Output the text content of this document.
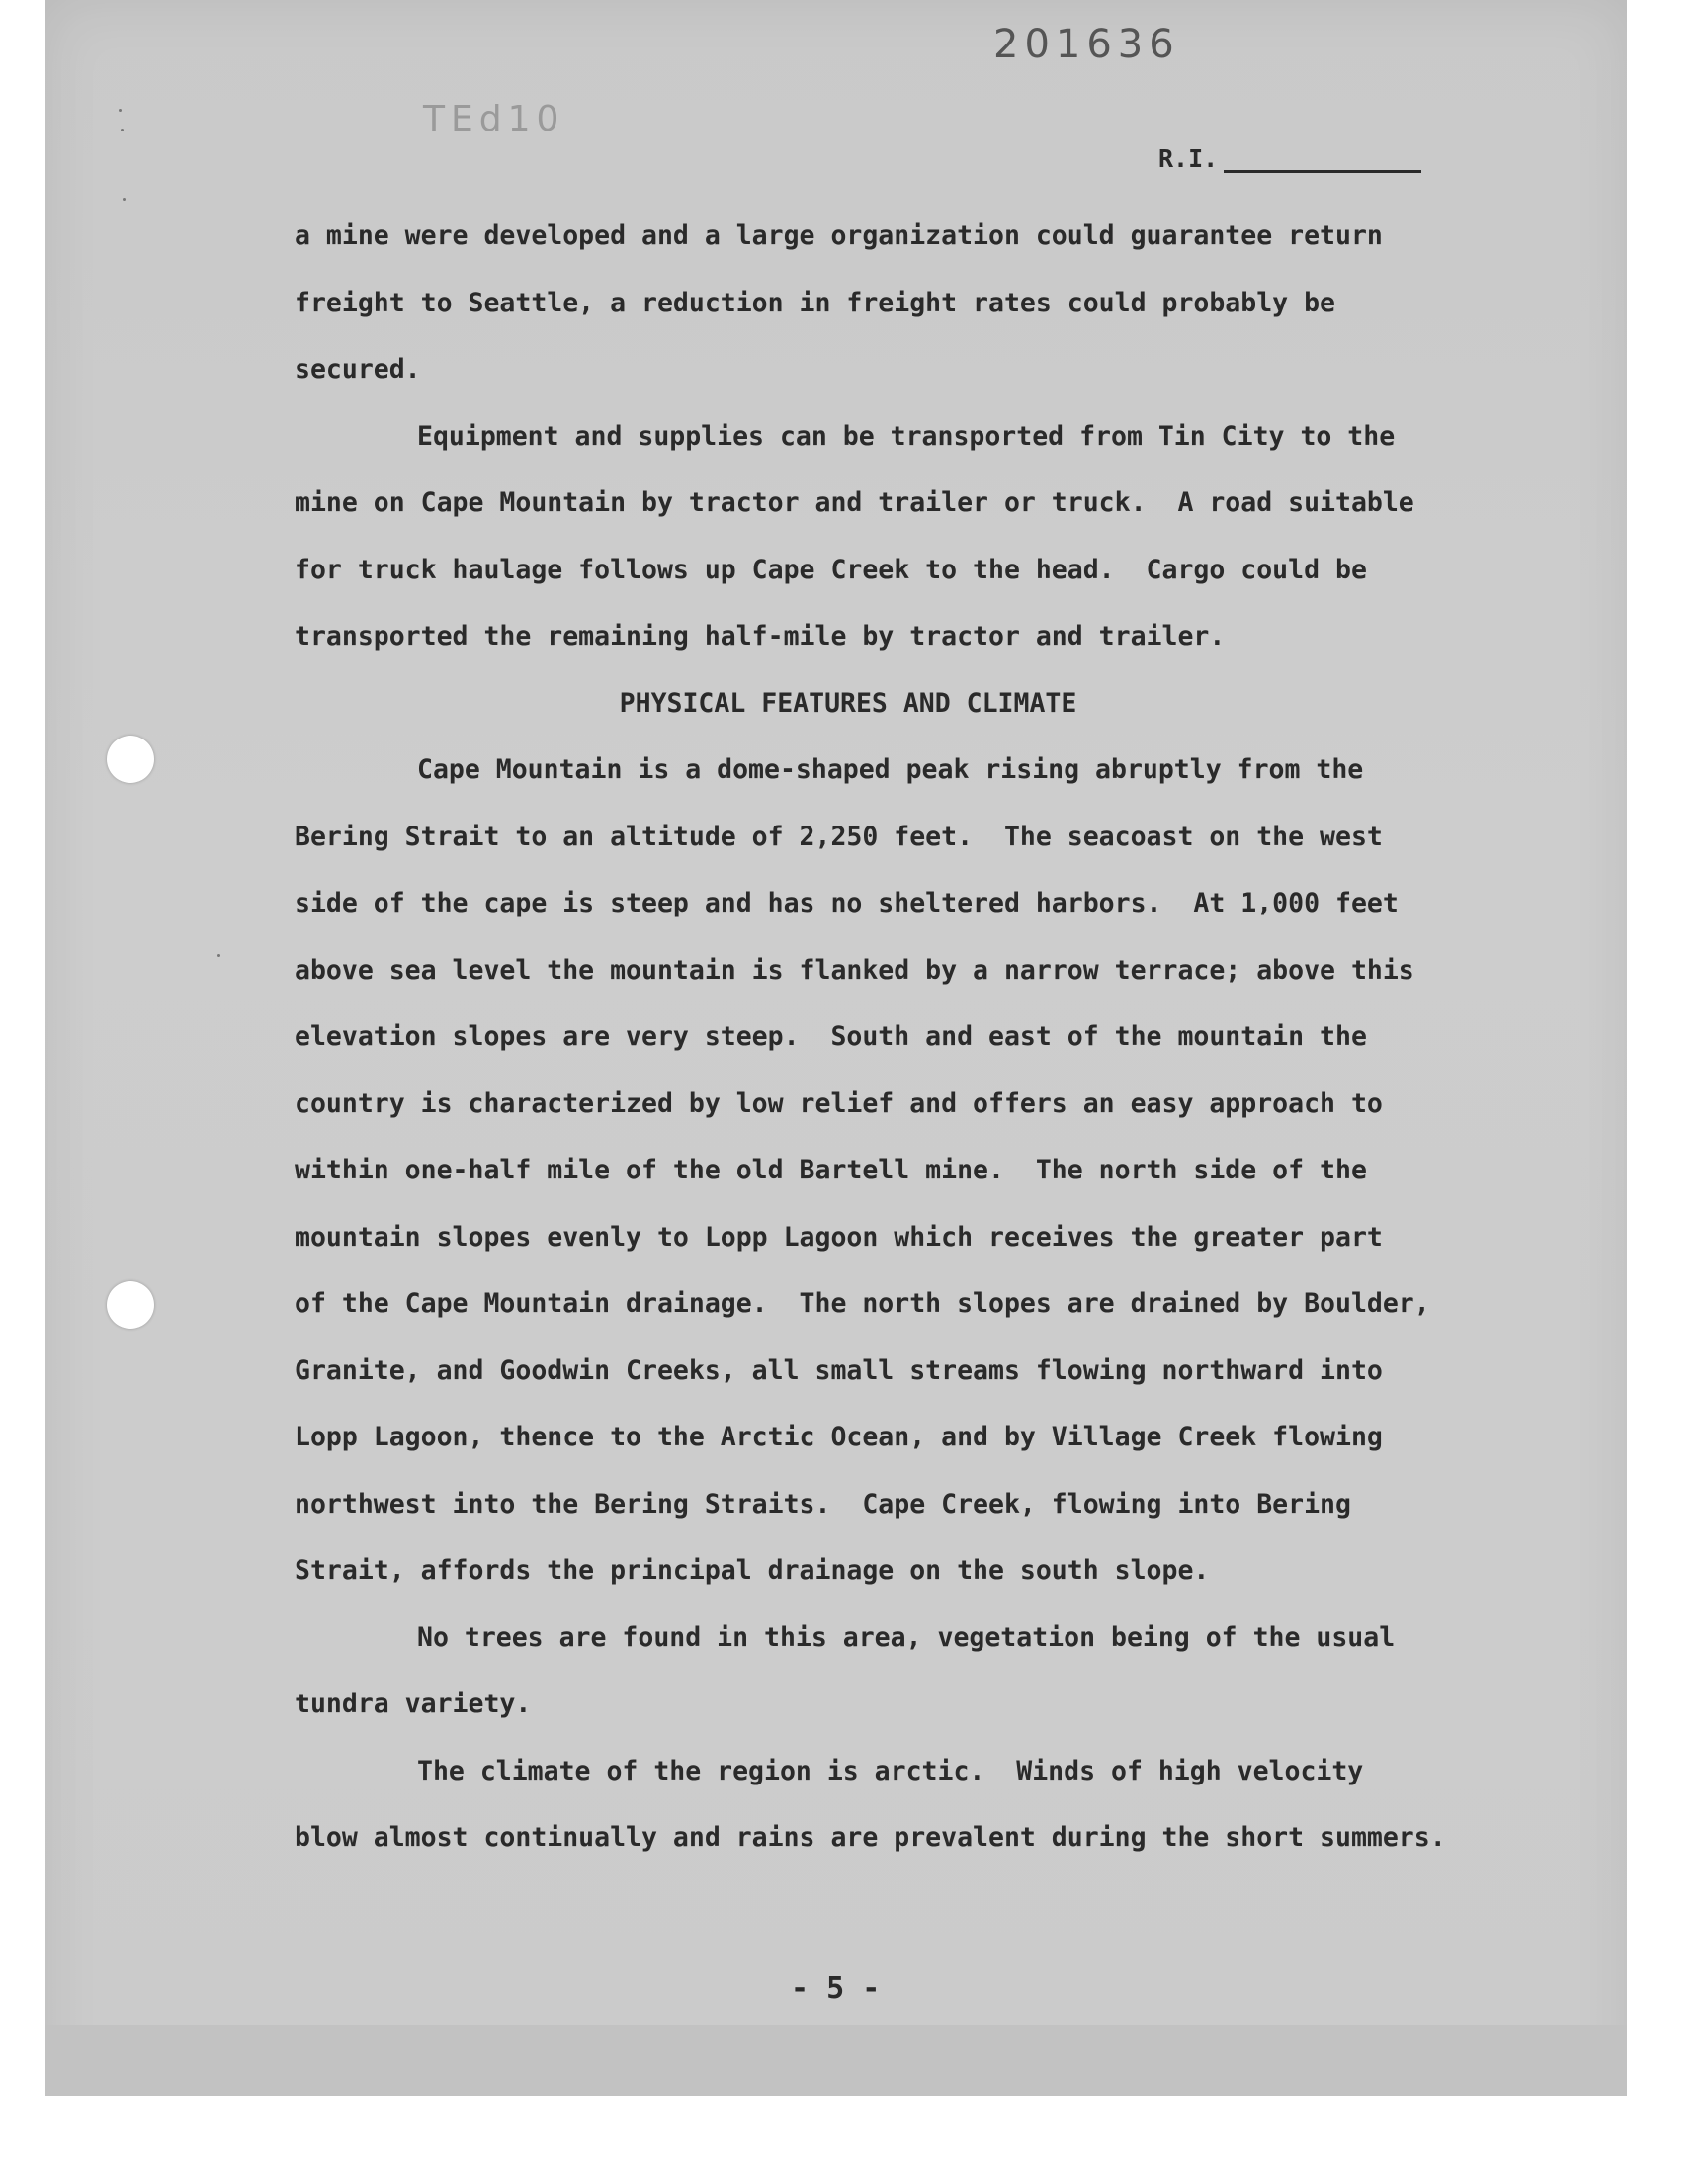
201636
TEd10
R.I.
a mine were developed and a large organization could guarantee return
freight to Seattle, a reduction in freight rates could probably be
secured.
Equipment and supplies can be transported from Tin City to the
mine on Cape Mountain by tractor and trailer or truck.  A road suitable
for truck haulage follows up Cape Creek to the head.  Cargo could be
transported the remaining half-mile by tractor and trailer.
PHYSICAL FEATURES AND CLIMATE
Cape Mountain is a dome-shaped peak rising abruptly from the
Bering Strait to an altitude of 2,250 feet.  The seacoast on the west
side of the cape is steep and has no sheltered harbors.  At 1,000 feet
above sea level the mountain is flanked by a narrow terrace; above this
elevation slopes are very steep.  South and east of the mountain the
country is characterized by low relief and offers an easy approach to
within one-half mile of the old Bartell mine.  The north side of the
mountain slopes evenly to Lopp Lagoon which receives the greater part
of the Cape Mountain drainage.  The north slopes are drained by Boulder,
Granite, and Goodwin Creeks, all small streams flowing northward into
Lopp Lagoon, thence to the Arctic Ocean, and by Village Creek flowing
northwest into the Bering Straits.  Cape Creek, flowing into Bering
Strait, affords the principal drainage on the south slope.
No trees are found in this area, vegetation being of the usual
tundra variety.
The climate of the region is arctic.  Winds of high velocity
blow almost continually and rains are prevalent during the short summers.
- 5 -
